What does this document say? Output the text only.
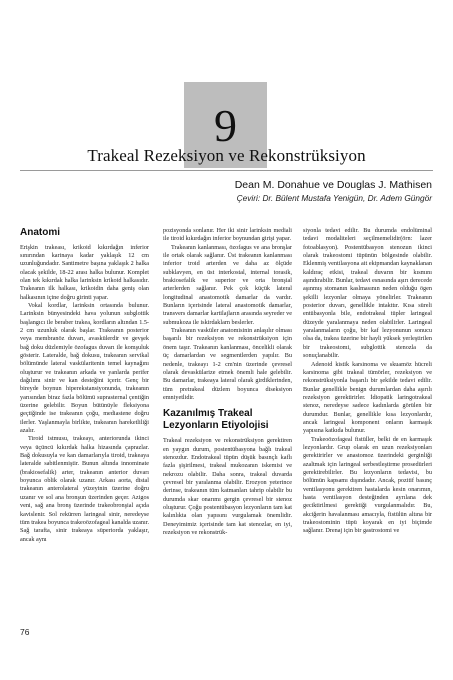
9
Trakeal Rezeksiyon ve Rekonstrüksiyon
Dean M. Donahue ve Douglas J. Mathisen
Çeviri: Dr. Bülent Mustafa Yenigün, Dr. Adem Güngör
Anatomi

Erişkin trakeası, krikoid kıkırdağın inferior sınırından karinaya kadar yaklaşık 12 cm uzunluğundadır. Santimetre başına yaklaşık 2 halka olacak şekilde, 18-22 arası halka bulunur. Komplet olan tek kıkırdak halka larinksin krikoid halkasıdır. Trakeanın ilk halkası, krikoidin daha geniş olan halkasının içine doğru girinti yapar.

Vokal kordlar, larinksin ortasında bulunur. Larinksin bünyesindeki hava yolunun subglottik başlangıcı ile beraber trakea, kordların altından 1.5-2 cm uzunluk olarak başlar. Trakeanın posterior veya membranöz duvarı, avaskülerdir ve gevşek bağ doku düzlemiyle özofagus duvarı ile komşuluk gösterir. Lateralde, bağ dokusu, trakeanın servikal bölümünde lateral vaskülaritenin temel kaynağını oluşturur ve trakeanın arkada ve yanlarda perifer dağılımı sinir ve kan desteğini içerir. Genç bir bireyde boynun hiperekstansiyonunda, trakeanın yarısından biraz fazla bölümü suprasternal çentiğin üzerine gelebilir. Boyun bütünüyle fleksiyona geçtiğinde ise trakeanın çoğu, mediastene doğru ilerler. Yaşlanmayla birlikte, trakeanın hareketliliği azalır.

Tiroid istmusu, trakeayı, anteriorunda ikinci veya üçüncü kıkırdak halka hizasında çaprazlar. Bağ dokusuyla ve kan damarlarıyla tiroid, trakeaya lateralde sabitlenmiştir. Bunun altında innominate (brakiosefalik) arter, trakeanın anterior duvarı boyunca oblik olarak uzanır. Arkası aorta, distal trakeanın anterolateral yüzeyinin üzerine doğru uzanır ve sol ana bronşun üzerinden geçer. Azigos veni, sağ ana bronş üzerinde trakeobronşial açıda kavislenir. Sol rekürren laringeal sinir, neredeyse tüm trakea boyunca trakeoözofageal kanalda uzanır. Sağ tarafta, sinir trakeaya süperiorda yaklaşır, ancak aynı

pozisyonda sonlanır. Her iki sinir larinksin mediali ile tiroid kıkırdağın inferior boynundan girişi yapar.

Trakeanın kanlanması, özofagus ve ana bronşlar ile ortak olarak sağlanır. Üst trakeanın kanlanması inferior troid arterden ve daha az ölçüde subklavyen, en üst interkostal, internal torasik, brakiosefalik ve superior ve orta bronşial arterlerden sağlanır. Pek çok küçük lateral longitudinal anastomotik damarlar da vardır. Bunların içerisinde lateral anastomotik damarlar, transvers damarlar kartilajların arasında seyreder ve submukoza ile iskirdaklarn beslerler.

Trakeanın vasküler anatomisinin anlaşılır olması başarılı bir rezeksiyon ve rekonstrüksiyon için önem taşır. Trakeanın kanlanması, öncelikli olarak üç damarlardan ve segmentlerden yapılır. Bu nedenle, trakeayı 1-2 cm'nin üzerinde çevresel olarak devaskülarize etmek önemli hale gelebilir. Bu damarlar, trakeaya lateral olarak girdiklerinden, tüm pretrakeal düzlem boyunca diseksiyon emniyetlidir.

Kazanılmış Trakeal Lezyonların Etiyolojisi

Trakeal rezeksiyon ve rekonstrüksiyon gerektiren en yaygın durum, postentübasyona bağlı trakeal stenozdur. Endotrakeal tüpün düşük basınçlı kaflı fazla şişirilmesi, trakeal mukozanın iskemisi ve nekrozu olabilir. Daha sonra, trakeal duvarda çevresel bir yaralanma olabilir. Erozyon yeterince derinse, trakeanın tüm katmanları tahrip olabilir bu durumda skar onarımı gergin çevresel bir stenoz oluşturur. Çoğu postentübasyon lezyonların tam kat kalınlıkta olan yapısını vurgulamak önemlidir. Deneyimimiz içerisinde tam kat stenozlar, en iyi, rezeksiyon ve rekonstrük-

siyonla tedavi edilir. Bu durumda endolüminal tedavi modaliteleri seçilmemelidir(örn: lazer fotoablasyon). Postentübasyon stenozun ikinci olarak trakeostomi tüpünün bölgesinde olabilir. Eklenmiş ventilasyona ait ekipmandan kaynaklanan kaldıraç etkisi, trakeal duvarın bir kısmını aşındırabilir. Bunlar, tedavi esnasında aşırı derecede aşınmış stomanın kaslmasının neden olduğu ögen şekilli lezyonlar olmaya yönelirler. Trakeanın posterior duvarı, genellikle intakttır. Kısa süreli entübasyonla bile, endotrakeal tüpler laringeal düzeyde yaralanmaya neden olabilirler. Laringeal yaralanmaların çoğu, bir kaf lezyonunun sonucu olsa da, trakea üzerine bir hayli yüksek yerleştirilen bir trakeostomi, subglottik stenozla da sonuçlanabilir.

Adenoid kistik karsinoma ve skuamöz hücreli karsinoma gibi trakeal tümörler, rezeksiyon ve rekonstrüksiyonla başarılı bir şekilde tedavi edilir. Bunlar genellikle benign durumlardan daha aşırılı rezeksiyon gerektirirler. İdiopatik laringotrakeal stenoz, neredeyse sadece kadınlarda görülen bir durumdur. Bunlar, genellikle kısa lezyonlardır, ancak laringeal komponent onların karmaşık yapısına katkıda bulunur.

Trakeoözofageal fistüller, belki de en karmaşık lezyonlardır. Grup olarak en uzun rezeksiyonları gerektirirler ve anastomoz üzerindeki gerginliği azaltmak için laringeal serbestleştirme prosedürleri gerektirebilirler. Bu lezyonların tedavisi, bu bölümün kapsamı dışındadır. Ancak, pozitif basınç ventilasyonu gerektiren hastalarda kesin onarımın, hasta ventilasyon desteğinden ayrılana dek geciktirilmesi gerektiği vurgulanmalıdır. Bu, akciğerin havalanması amacıyla, fistülün altına bir trakeostominin tüpü koyarak en iyi biçimde sağlanır. Drenaj için bir gastrostomi ve

76
